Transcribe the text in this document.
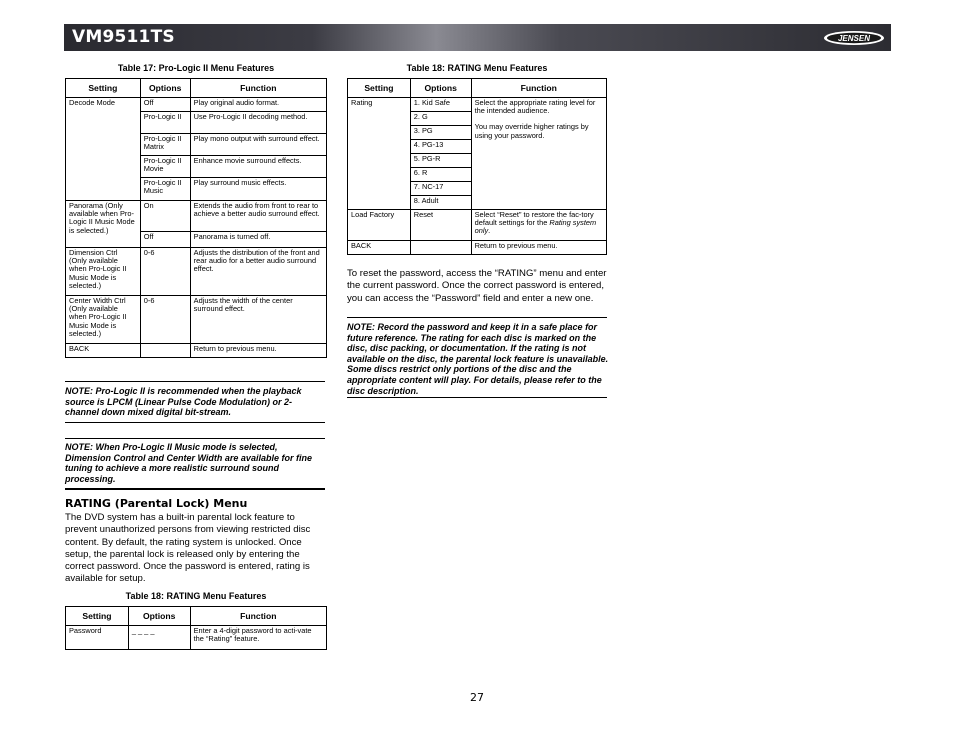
VM9511TS	JENSEN
Table 17: Pro-Logic II Menu Features
Setting	Options	Function
Decode Mode	Off	Play original audio format.
	Pro-Logic II	Use Pro-Logic II decoding method.
	Pro-Logic II Matrix	Play mono output with surround effect.
	Pro-Logic II Movie	Enhance movie surround effects.
	Pro-Logic II Music	Play surround music effects.
Panorama (Only available when Pro-Logic II Music Mode is selected.)	On	Extends the audio from front to rear to achieve a better audio surround effect.
	Off	Panorama is turned off.
Dimension Ctrl (Only available when Pro-Logic II Music Mode is selected.)	0-6	Adjusts the distribution of the front and rear audio for a better audio surround effect.
Center Width Ctrl (Only available when Pro-Logic II Music Mode is selected.)	0-6	Adjusts the width of the center surround effect.
BACK		Return to previous menu.
NOTE: Pro-Logic II is recommended when the playback source is LPCM (Linear Pulse Code Modulation) or 2-channel down mixed digital bit-stream.
NOTE: When Pro-Logic II Music mode is selected, Dimension Control and Center Width are available for fine tuning to achieve a more realistic surround sound processing.
RATING (Parental Lock) Menu
The DVD system has a built-in parental lock feature to prevent unauthorized persons from viewing restricted disc content. By default, the rating system is unlocked. Once setup, the parental lock is released only by entering the correct password. Once the password is entered, rating is available for setup.
Table 18: RATING Menu Features
Setting	Options	Function
Password	_ _ _ _	Enter a 4-digit password to acti-vate the “Rating” feature.
Table 18: RATING Menu Features
Setting	Options	Function
Rating	1. Kid Safe	Select the appropriate rating level for the intended audience.
You may override higher ratings by using your password.

	2. G	
	3. PG	
	4. PG-13	
	5. PG-R	
	6. R	
	7. NC-17	
	8. Adult	
Load Factory	Reset	Select “Reset” to restore the fac-tory default settings for the Rating system only.
BACK		Return to previous menu.
To reset the password, access the “RATING” menu and enter the current password. Once the correct password is entered, you can access the “Password” field and enter a new one.
NOTE: Record the password and keep it in a safe place for future reference. The rating for each disc is marked on the disc, disc packing, or documentation. If the rating is not available on the disc, the parental lock feature is unavailable. Some discs restrict only portions of the disc and the appropriate content will play. For details, please refer to the disc description.
27
